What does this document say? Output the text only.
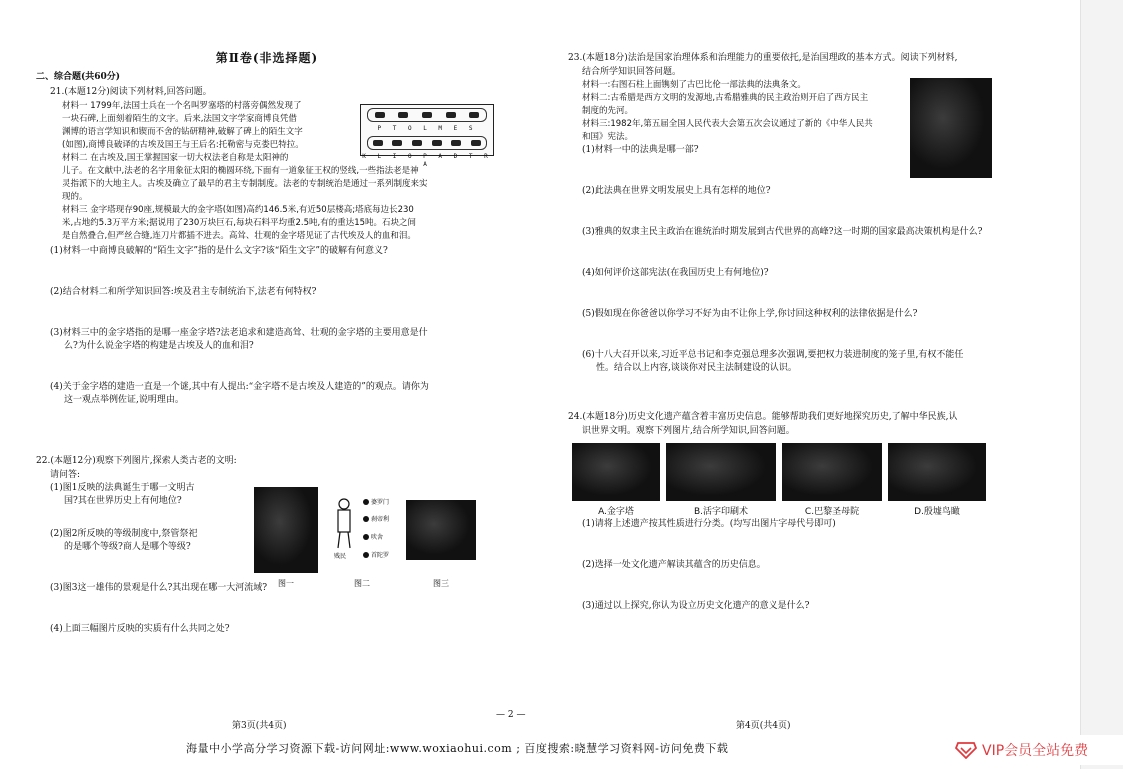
第Ⅱ卷(非选择题)

二、综合题(共60分)

21.(本题12分)阅读下列材料,回答问题。

材料一 1799年,法国士兵在一个名叫罗塞塔的村落旁偶然发现了

一块石碑,上面刻着陌生的文字。后来,法国文字学家商博良凭借

渊博的语言学知识和锲而不舍的钻研精神,破解了碑上的陌生文字

(如图),商博良破译的古埃及国王与王后名:托勒密与克娄巴特拉。

材料二 在古埃及,国王掌握国家一切大权法老自称是太阳神的

儿子。在文献中,法老的名字用象征太阳的椭圆环绕,下面有一道象征王权的竖线,一些指法老是神

灵指派下的大地主人。古埃及确立了最早的君主专制制度。法老的专制统治是通过一系列制度来实

现的。

材料三 金字塔现存90座,规模最大的金字塔(如图)高约146.5米,有近50层楼高;塔底每边长230

米,占地约5.3万平方米;据说用了230万块巨石,每块石料平均重2.5吨,有的重达15吨。石块之间

是自然叠合,但严丝合缝,连刀片都插不进去。高耸、壮观的金字塔见证了古代埃及人的血和泪。

(1)材料一中商博良破解的“陌生文字”指的是什么文字?该“陌生文字”的破解有何意义?

(2)结合材料二和所学知识回答:埃及君主专制统治下,法老有何特权?

(3)材料三中的金字塔指的是哪一座金字塔?法老追求和建造高耸、壮观的金字塔的主要用意是什

么?为什么说金字塔的构建是古埃及人的血和泪?

(4)关于金字塔的建造一直是一个谜,其中有人提出:“金字塔不是古埃及人建造的”的观点。请你为

这一观点举例佐证,说明理由。

22.(本题12分)观察下列图片,探索人类古老的文明:

请问答:

(1)图1反映的法典诞生于哪一文明古

国?其在世界历史上有何地位?

(2)图2所反映的等级制度中,祭管祭祀

的是哪个等级?商人是哪个等级?

(3)图3这一雄伟的景观是什么?其出现在哪一大河流域?

(4)上面三幅图片反映的实质有什么共同之处?

P T O L M E S
K L I O P A D T R A
婆罗门
刹帝利
吠舍
首陀罗
贱民
图一	图二	图三

23.(本题18分)法治是国家治理体系和治理能力的重要依托,是治国理政的基本方式。阅读下列材料,

结合所学知识回答问题。

材料一:右图石柱上面镌刻了古巴比伦一部法典的法典条文。

材料二:古希腊是西方文明的发源地,古希腊雅典的民主政治则开启了西方民主

制度的先河。

材料三:1982年,第五届全国人民代表大会第五次会议通过了新的《中华人民共

和国》宪法。

(1)材料一中的法典是哪一部?

(2)此法典在世界文明发展史上具有怎样的地位?

(3)雅典的奴隶主民主政治在谁统治时期发展到古代世界的高峰?这一时期的国家最高决策机构是什么?

(4)如何评价这部宪法(在我国历史上有何地位)?

(5)假如现在你爸爸以你学习不好为由不让你上学,你讨回这种权利的法律依据是什么?

(6)十八大召开以来,习近平总书记和李克强总理多次强调,要把权力装进制度的笼子里,有权不能任

性。结合以上内容,谈谈你对民主法制建设的认识。

24.(本题18分)历史文化遗产蕴含着丰富历史信息。能够帮助我们更好地探究历史,了解中华民族,认

识世界文明。观察下列图片,结合所学知识,回答问题。

A.金字塔	B.活字印刷术	C.巴黎圣母院	D.殷墟鸟瞰

(1)请将上述遗产按其性质进行分类。(均写出图片字母代号即可)

(2)选择一处文化遗产解读其蕴含的历史信息。

(3)通过以上探究,你认为设立历史文化遗产的意义是什么?

— 2 —
第3页(共4页)	第4页(共4页)
海量中小学高分学习资源下载-访问网址:www.woxiaohui.com ; 百度搜索:晓慧学习资料网-访问免费下载	VIP会员全站免费
